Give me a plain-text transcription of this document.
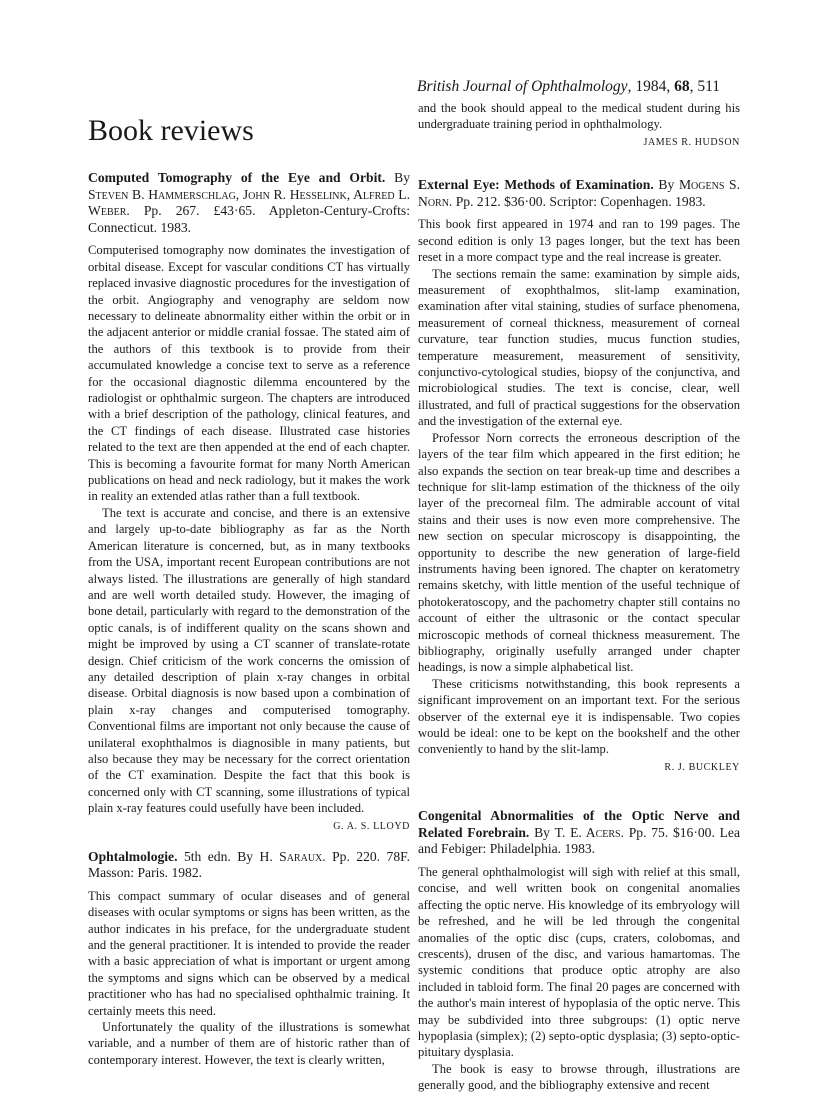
British Journal of Ophthalmology, 1984, 68, 511
Book reviews

Computed Tomography of the Eye and Orbit. By Steven B. Hammerschlag, John R. Hesselink, Alfred L. Weber. Pp. 267. £43·65. Appleton-Century-Crofts: Connecticut. 1983.

Computerised tomography now dominates the investigation of orbital disease. Except for vascular conditions CT has virtually replaced invasive diagnostic procedures for the investigation of the orbit. Angiography and venography are seldom now necessary to delineate abnormality either within the orbit or in the adjacent anterior or middle cranial fossae. The stated aim of the authors of this textbook is to provide from their accumulated knowledge a concise text to serve as a reference for the occasional diagnostic dilemma encountered by the radiologist or ophthalmic surgeon. The chapters are introduced with a brief description of the pathology, clinical features, and the CT findings of each disease. Illustrated case histories related to the text are then appended at the end of each chapter. This is becoming a favourite format for many North American publications on head and neck radiology, but it makes the work in reality an extended atlas rather than a full textbook.

The text is accurate and concise, and there is an extensive and largely up-to-date bibliography as far as the North American literature is concerned, but, as in many textbooks from the USA, important recent European contributions are not always listed. The illustrations are generally of high standard and are well worth detailed study. However, the imaging of bone detail, particularly with regard to the demonstration of the optic canals, is of indifferent quality on the scans shown and might be improved by using a CT scanner of translate-rotate design. Chief criticism of the work concerns the omission of any detailed description of plain x-ray changes in orbital disease. Orbital diagnosis is now based upon a combination of plain x-ray changes and computerised tomography. Conventional films are important not only because the cause of unilateral exophthalmos is diagnosible in many patients, but also because they may be necessary for the correct orientation of the CT examination. Despite the fact that this book is concerned only with CT scanning, some illustrations of typical plain x-ray features could usefully have been included.
G. A. S. LLOYD

Ophtalmologie. 5th edn. By H. Saraux. Pp. 220. 78F. Masson: Paris. 1982.

This compact summary of ocular diseases and of general diseases with ocular symptoms or signs has been written, as the author indicates in his preface, for the undergraduate student and the general practitioner. It is intended to provide the reader with a basic appreciation of what is important or urgent among the symptoms and signs which can be observed by a medical practitioner who has had no specialised ophthalmic training. It certainly meets this need.

Unfortunately the quality of the illustrations is somewhat variable, and a number of them are of historic rather than of contemporary interest. However, the text is clearly written,

and the book should appeal to the medical student during his undergraduate training period in ophthalmology.

JAMES R. HUDSON

External Eye: Methods of Examination. By Mogens S. Norn. Pp. 212. $36·00. Scriptor: Copenhagen. 1983.

This book first appeared in 1974 and ran to 199 pages. The second edition is only 13 pages longer, but the text has been reset in a more compact type and the real increase is greater.

The sections remain the same: examination by simple aids, measurement of exophthalmos, slit-lamp examination, examination after vital staining, studies of surface phenomena, measurement of corneal thickness, measurement of corneal curvature, tear function studies, mucus function studies, temperature measurement, measurement of sensitivity, conjunctivo-cytological studies, biopsy of the conjunctiva, and microbiological studies. The text is concise, clear, well illustrated, and full of practical suggestions for the observation and the investigation of the external eye.

Professor Norn corrects the erroneous description of the layers of the tear film which appeared in the first edition; he also expands the section on tear break-up time and describes a technique for slit-lamp estimation of the thickness of the oily layer of the precorneal film. The admirable account of vital stains and their uses is now even more comprehensive. The new section on specular microscopy is disappointing, the opportunity to describe the new generation of large-field instruments having been ignored. The chapter on keratometry remains sketchy, with little mention of the useful technique of photokeratoscopy, and the pachometry chapter still contains no account of either the ultrasonic or the contact specular microscopic methods of corneal thickness measurement. The bibliography, originally usefully arranged under chapter headings, is now a simple alphabetical list.

These criticisms notwithstanding, this book represents a significant improvement on an important text. For the serious observer of the external eye it is indispensable. Two copies would be ideal: one to be kept on the bookshelf and the other conveniently to hand by the slit-lamp.

R. J. BUCKLEY

Congenital Abnormalities of the Optic Nerve and Related Forebrain. By T. E. Acers. Pp. 75. $16·00. Lea and Febiger: Philadelphia. 1983.

The general ophthalmologist will sigh with relief at this small, concise, and well written book on congenital anomalies affecting the optic nerve. His knowledge of its embryology will be refreshed, and he will be led through the congenital anomalies of the optic disc (cups, craters, colobomas, and crescents), drusen of the disc, and various hamartomas. The systemic conditions that produce optic atrophy are also included in tabloid form. The final 20 pages are concerned with the author's main interest of hypoplasia of the optic nerve. This may be subdivided into three subgroups: (1) optic nerve hypoplasia (simplex); (2) septo-optic dysplasia; (3) septo-optic-pituitary dysplasia.

The book is easy to browse through, illustrations are generally good, and the bibliography extensive and recent
